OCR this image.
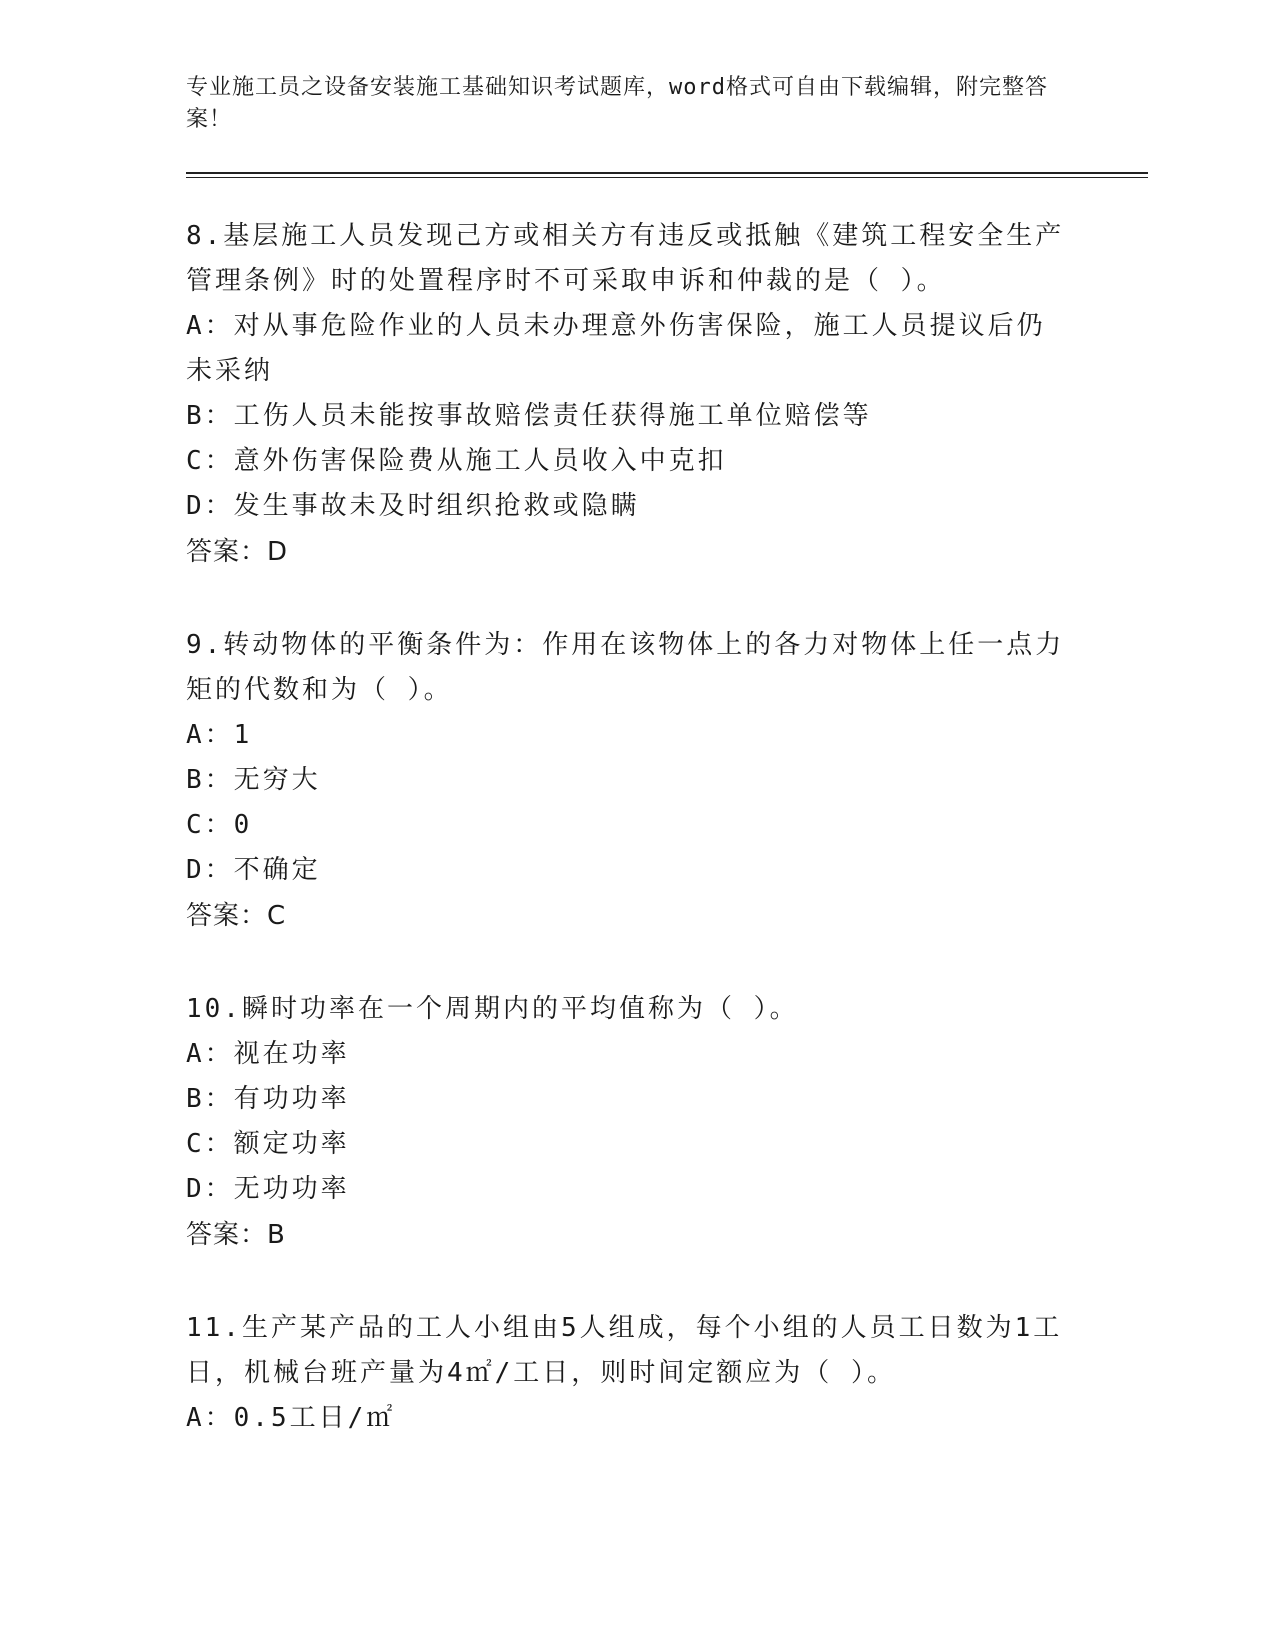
专业施工员之设备安装施工基础知识考试题库，word格式可自由下载编辑，附完整答案！
8.基层施工人员发现己方或相关方有违反或抵触《建筑工程安全生产管理条例》时的处置程序时不可采取申诉和仲裁的是（ ）。
A：对从事危险作业的人员未办理意外伤害保险，施工人员提议后仍未采纳
B：工伤人员未能按事故赔偿责任获得施工单位赔偿等
C：意外伤害保险费从施工人员收入中克扣
D：发生事故未及时组织抢救或隐瞒
答案：D
9.转动物体的平衡条件为：作用在该物体上的各力对物体上任一点力矩的代数和为（ ）。
A：1
B：无穷大
C：0
D：不确定
答案：C
10.瞬时功率在一个周期内的平均值称为（ ）。
A：视在功率
B：有功功率
C：额定功率
D：无功功率
答案：B
11.生产某产品的工人小组由5人组成，每个小组的人员工日数为1工日，机械台班产量为4㎡/工日，则时间定额应为（ ）。
A：0.5工日/㎡
